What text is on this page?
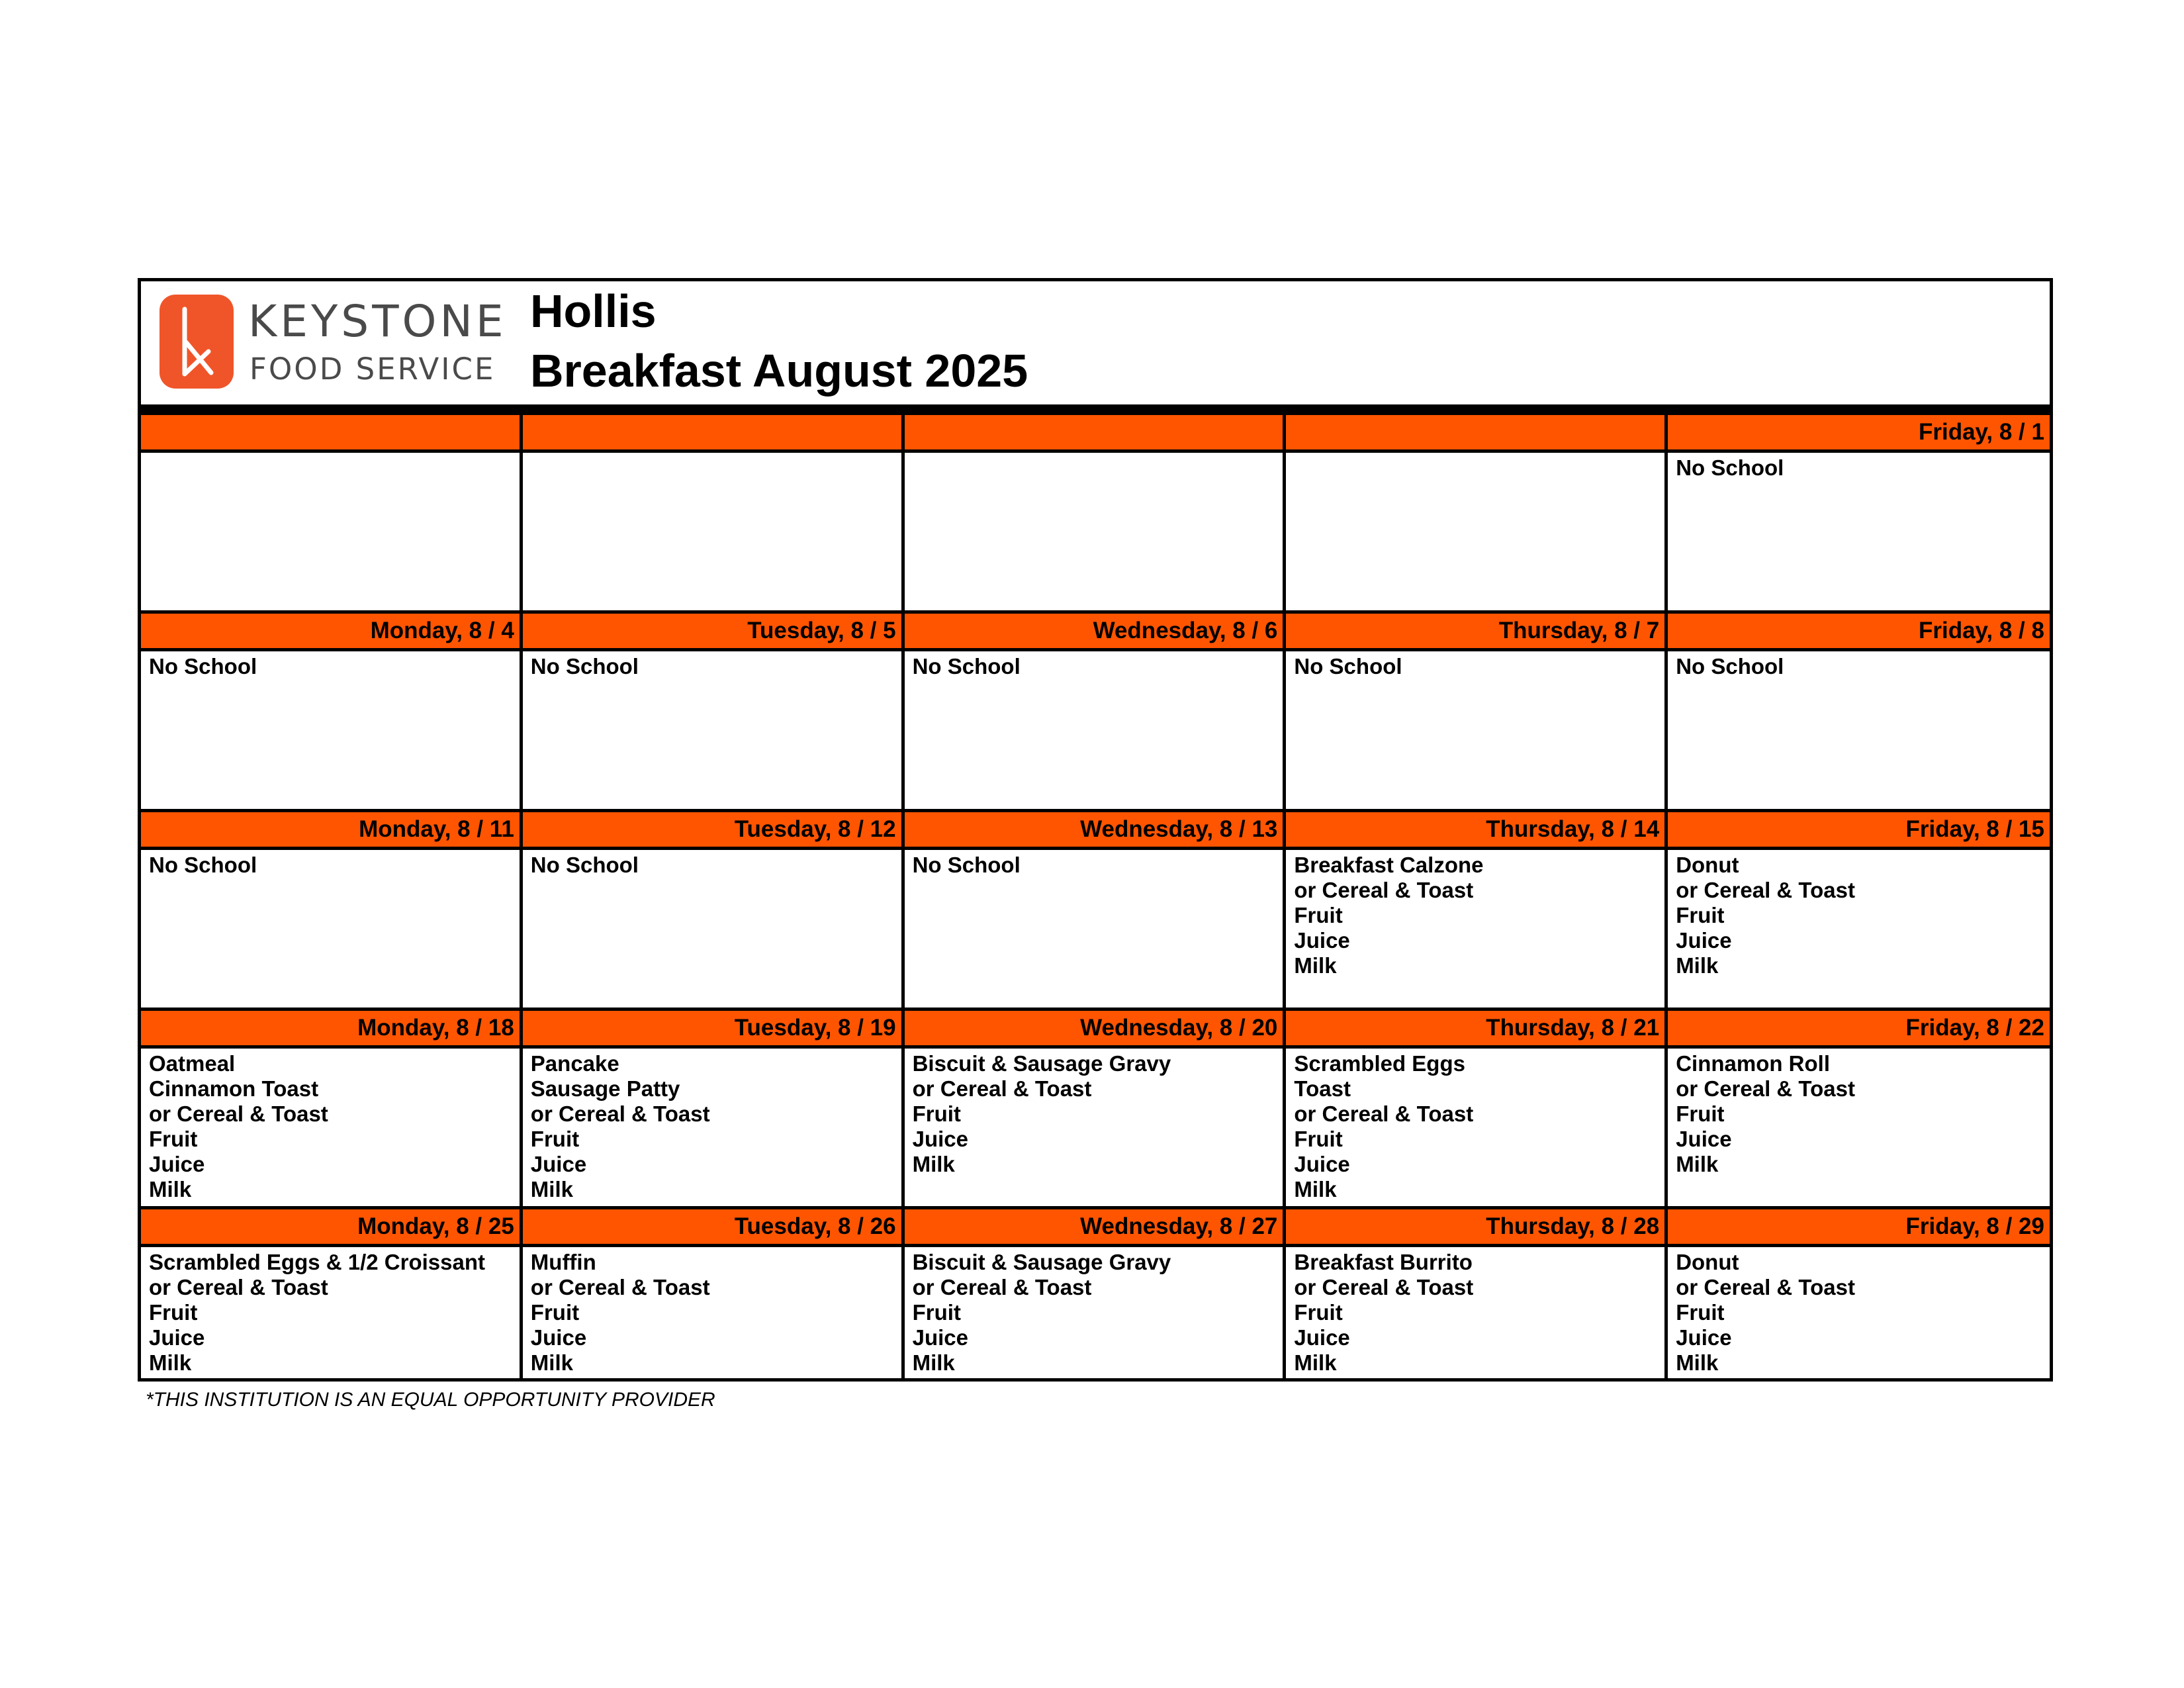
KEYSTONE
FOOD SERVICE
Hollis
Breakfast August 2025
Friday, 8 / 1
No School
Monday, 8 / 4
No School
Tuesday, 8 / 5
No School
Wednesday, 8 / 6
No School
Thursday, 8 / 7
No School
Friday, 8 / 8
No School
Monday, 8 / 11
No School
Tuesday, 8 / 12
No School
Wednesday, 8 / 13
No School
Thursday, 8 / 14
Breakfast Calzone
or Cereal & Toast
Fruit
Juice
Milk
Friday, 8 / 15
Donut
or Cereal & Toast
Fruit
Juice
Milk
Monday, 8 / 18
Oatmeal
Cinnamon Toast
or Cereal & Toast
Fruit
Juice
Milk
Tuesday, 8 / 19
Pancake
Sausage Patty
or Cereal & Toast
Fruit
Juice
Milk
Wednesday, 8 / 20
Biscuit & Sausage Gravy
or Cereal & Toast
Fruit
Juice
Milk
Thursday, 8 / 21
Scrambled Eggs
Toast
or Cereal & Toast
Fruit
Juice
Milk
Friday, 8 / 22
Cinnamon Roll
or Cereal & Toast
Fruit
Juice
Milk
Monday, 8 / 25
Scrambled Eggs & 1/2 Croissant
or Cereal & Toast
Fruit
Juice
Milk
Tuesday, 8 / 26
Muffin
or Cereal & Toast
Fruit
Juice
Milk
Wednesday, 8 / 27
Biscuit & Sausage Gravy
or Cereal & Toast
Fruit
Juice
Milk
Thursday, 8 / 28
Breakfast Burrito
or Cereal & Toast
Fruit
Juice
Milk
Friday, 8 / 29
Donut
or Cereal & Toast
Fruit
Juice
Milk
*THIS INSTITUTION IS AN EQUAL OPPORTUNITY PROVIDER
